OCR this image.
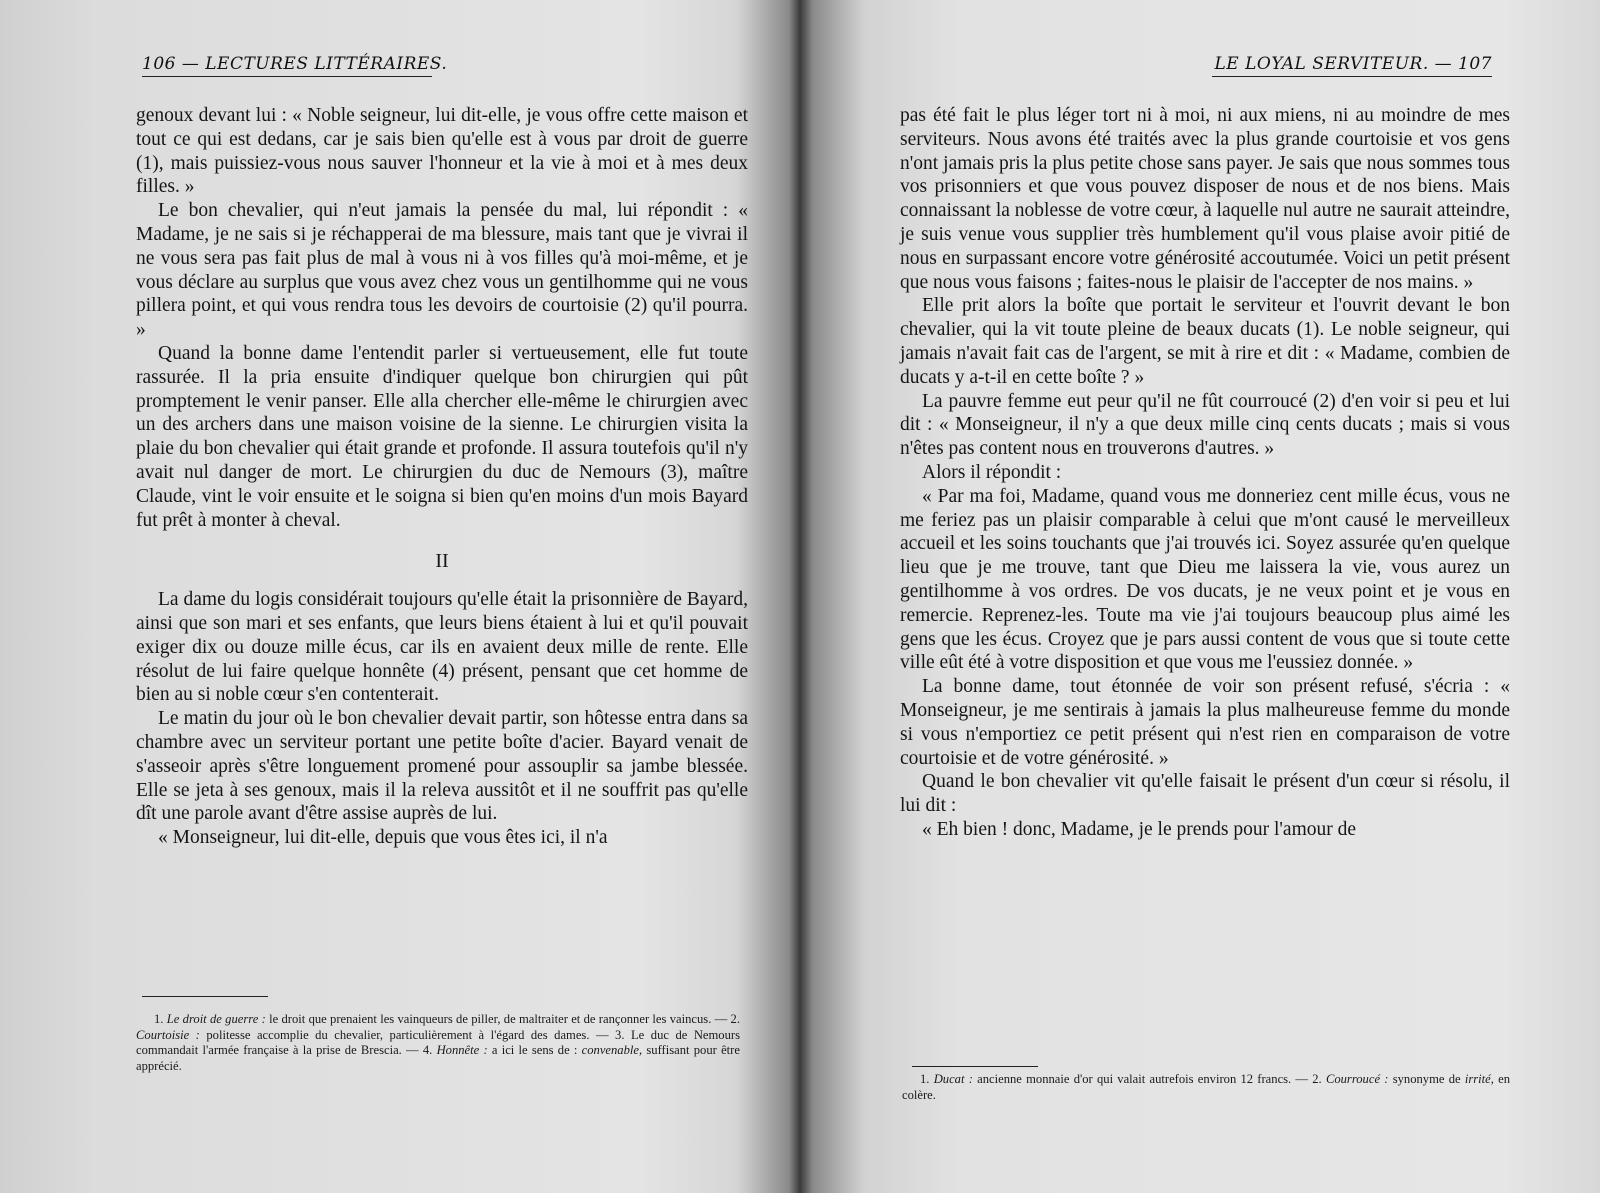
106 — LECTURES LITTÉRAIRES.

genoux devant lui : « Noble seigneur, lui dit-elle, je vous offre cette maison et tout ce qui est dedans, car je sais bien qu'elle est à vous par droit de guerre (1), mais puissiez-vous nous sauver l'honneur et la vie à moi et à mes deux filles. »

Le bon chevalier, qui n'eut jamais la pensée du mal, lui répondit : « Madame, je ne sais si je réchapperai de ma blessure, mais tant que je vivrai il ne vous sera pas fait plus de mal à vous ni à vos filles qu'à moi-même, et je vous déclare au surplus que vous avez chez vous un gentilhomme qui ne vous pillera point, et qui vous rendra tous les devoirs de courtoisie (2) qu'il pourra. »

Quand la bonne dame l'entendit parler si vertueusement, elle fut toute rassurée. Il la pria ensuite d'indiquer quelque bon chirurgien qui pût promptement le venir panser. Elle alla chercher elle-même le chirurgien avec un des archers dans une maison voisine de la sienne. Le chirurgien visita la plaie du bon chevalier qui était grande et profonde. Il assura toutefois qu'il n'y avait nul danger de mort. Le chirurgien du duc de Nemours (3), maître Claude, vint le voir ensuite et le soigna si bien qu'en moins d'un mois Bayard fut prêt à monter à cheval.

II

La dame du logis considérait toujours qu'elle était la prisonnière de Bayard, ainsi que son mari et ses enfants, que leurs biens étaient à lui et qu'il pouvait exiger dix ou douze mille écus, car ils en avaient deux mille de rente. Elle résolut de lui faire quelque honnête (4) présent, pensant que cet homme de bien au si noble cœur s'en contenterait.

Le matin du jour où le bon chevalier devait partir, son hôtesse entra dans sa chambre avec un serviteur portant une petite boîte d'acier. Bayard venait de s'asseoir après s'être longuement promené pour assouplir sa jambe blessée. Elle se jeta à ses genoux, mais il la releva aussitôt et il ne souffrit pas qu'elle dît une parole avant d'être assise auprès de lui.

« Monseigneur, lui dit-elle, depuis que vous êtes ici, il n'a

1. Le droit de guerre : le droit que prenaient les vainqueurs de piller, de maltraiter et de rançonner les vaincus. — 2. Courtoisie : politesse accomplie du chevalier, particulièrement à l'égard des dames. — 3. Le duc de Nemours commandait l'armée française à la prise de Brescia. — 4. Honnête : a ici le sens de : convenable, suffisant pour être apprécié.

LE LOYAL SERVITEUR. — 107

pas été fait le plus léger tort ni à moi, ni aux miens, ni au moindre de mes serviteurs. Nous avons été traités avec la plus grande courtoisie et vos gens n'ont jamais pris la plus petite chose sans payer. Je sais que nous sommes tous vos prisonniers et que vous pouvez disposer de nous et de nos biens. Mais connaissant la noblesse de votre cœur, à laquelle nul autre ne saurait atteindre, je suis venue vous supplier très humblement qu'il vous plaise avoir pitié de nous en surpassant encore votre générosité accoutumée. Voici un petit présent que nous vous faisons ; faites-nous le plaisir de l'accepter de nos mains. »

Elle prit alors la boîte que portait le serviteur et l'ouvrit devant le bon chevalier, qui la vit toute pleine de beaux ducats (1). Le noble seigneur, qui jamais n'avait fait cas de l'argent, se mit à rire et dit : « Madame, combien de ducats y a-t-il en cette boîte ? »

La pauvre femme eut peur qu'il ne fût courroucé (2) d'en voir si peu et lui dit : « Monseigneur, il n'y a que deux mille cinq cents ducats ; mais si vous n'êtes pas content nous en trouverons d'autres. »

Alors il répondit :

« Par ma foi, Madame, quand vous me donneriez cent mille écus, vous ne me feriez pas un plaisir comparable à celui que m'ont causé le merveilleux accueil et les soins touchants que j'ai trouvés ici. Soyez assurée qu'en quelque lieu que je me trouve, tant que Dieu me laissera la vie, vous aurez un gentilhomme à vos ordres. De vos ducats, je ne veux point et je vous en remercie. Reprenez-les. Toute ma vie j'ai toujours beaucoup plus aimé les gens que les écus. Croyez que je pars aussi content de vous que si toute cette ville eût été à votre disposition et que vous me l'eussiez donnée. »

La bonne dame, tout étonnée de voir son présent refusé, s'écria : « Monseigneur, je me sentirais à jamais la plus malheureuse femme du monde si vous n'emportiez ce petit présent qui n'est rien en comparaison de votre courtoisie et de votre générosité. »

Quand le bon chevalier vit qu'elle faisait le présent d'un cœur si résolu, il lui dit :

« Eh bien ! donc, Madame, je le prends pour l'amour de

1. Ducat : ancienne monnaie d'or qui valait autrefois environ 12 francs. — 2. Courroucé : synonyme de irrité, en colère.
